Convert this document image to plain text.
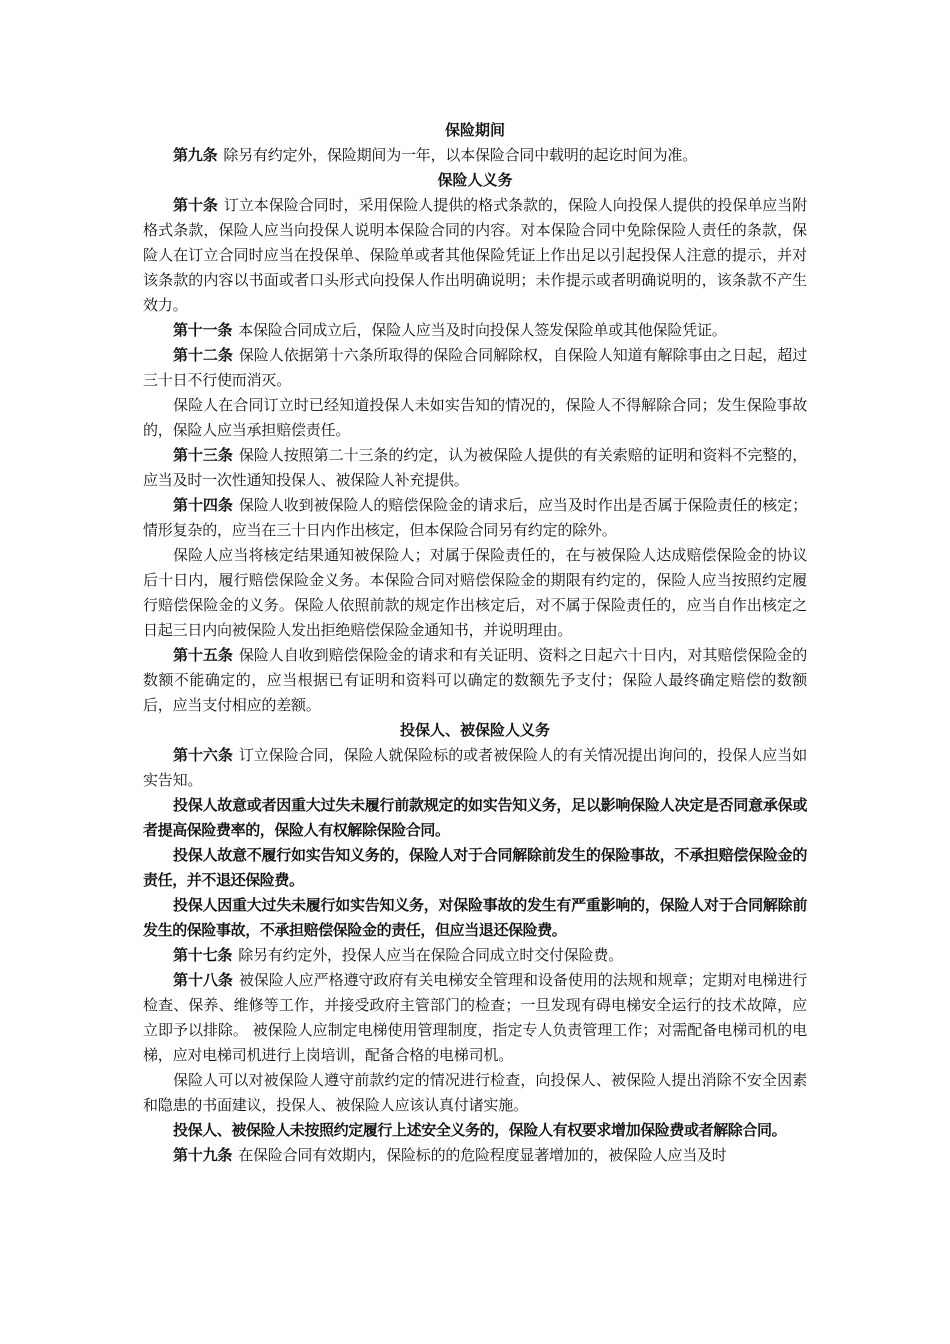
保险期间

第九条 除另有约定外，保险期间为一年，以本保险合同中载明的起讫时间为准。

保险人义务

第十条 订立本保险合同时，采用保险人提供的格式条款的，保险人向投保人提供的投保单应当附格式条款，保险人应当向投保人说明本保险合同的内容。对本保险合同中免除保险人责任的条款，保险人在订立合同时应当在投保单、保险单或者其他保险凭证上作出足以引起投保人注意的提示，并对该条款的内容以书面或者口头形式向投保人作出明确说明；未作提示或者明确说明的，该条款不产生效力。

第十一条 本保险合同成立后，保险人应当及时向投保人签发保险单或其他保险凭证。

第十二条 保险人依据第十六条所取得的保险合同解除权，自保险人知道有解除事由之日起，超过三十日不行使而消灭。

保险人在合同订立时已经知道投保人未如实告知的情况的，保险人不得解除合同；发生保险事故的，保险人应当承担赔偿责任。

第十三条 保险人按照第二十三条的约定，认为被保险人提供的有关索赔的证明和资料不完整的，应当及时一次性通知投保人、被保险人补充提供。

第十四条 保险人收到被保险人的赔偿保险金的请求后，应当及时作出是否属于保险责任的核定；情形复杂的，应当在三十日内作出核定，但本保险合同另有约定的除外。

保险人应当将核定结果通知被保险人；对属于保险责任的，在与被保险人达成赔偿保险金的协议后十日内，履行赔偿保险金义务。本保险合同对赔偿保险金的期限有约定的，保险人应当按照约定履行赔偿保险金的义务。保险人依照前款的规定作出核定后，对不属于保险责任的，应当自作出核定之日起三日内向被保险人发出拒绝赔偿保险金通知书，并说明理由。

第十五条 保险人自收到赔偿保险金的请求和有关证明、资料之日起六十日内，对其赔偿保险金的数额不能确定的，应当根据已有证明和资料可以确定的数额先予支付；保险人最终确定赔偿的数额后，应当支付相应的差额。

投保人、被保险人义务

第十六条 订立保险合同，保险人就保险标的或者被保险人的有关情况提出询问的，投保人应当如实告知。

投保人故意或者因重大过失未履行前款规定的如实告知义务，足以影响保险人决定是否同意承保或者提高保险费率的，保险人有权解除保险合同。

投保人故意不履行如实告知义务的，保险人对于合同解除前发生的保险事故，不承担赔偿保险金的责任，并不退还保险费。

投保人因重大过失未履行如实告知义务，对保险事故的发生有严重影响的，保险人对于合同解除前发生的保险事故，不承担赔偿保险金的责任，但应当退还保险费。

第十七条 除另有约定外，投保人应当在保险合同成立时交付保险费。

第十八条 被保险人应严格遵守政府有关电梯安全管理和设备使用的法规和规章；定期对电梯进行检查、保养、维修等工作，并接受政府主管部门的检查；一旦发现有碍电梯安全运行的技术故障，应立即予以排除。 被保险人应制定电梯使用管理制度，指定专人负责管理工作；对需配备电梯司机的电梯，应对电梯司机进行上岗培训，配备合格的电梯司机。

保险人可以对被保险人遵守前款约定的情况进行检查，向投保人、被保险人提出消除不安全因素和隐患的书面建议，投保人、被保险人应该认真付诸实施。

投保人、被保险人未按照约定履行上述安全义务的，保险人有权要求增加保险费或者解除合同。

第十九条 在保险合同有效期内，保险标的的危险程度显著增加的，被保险人应当及时
